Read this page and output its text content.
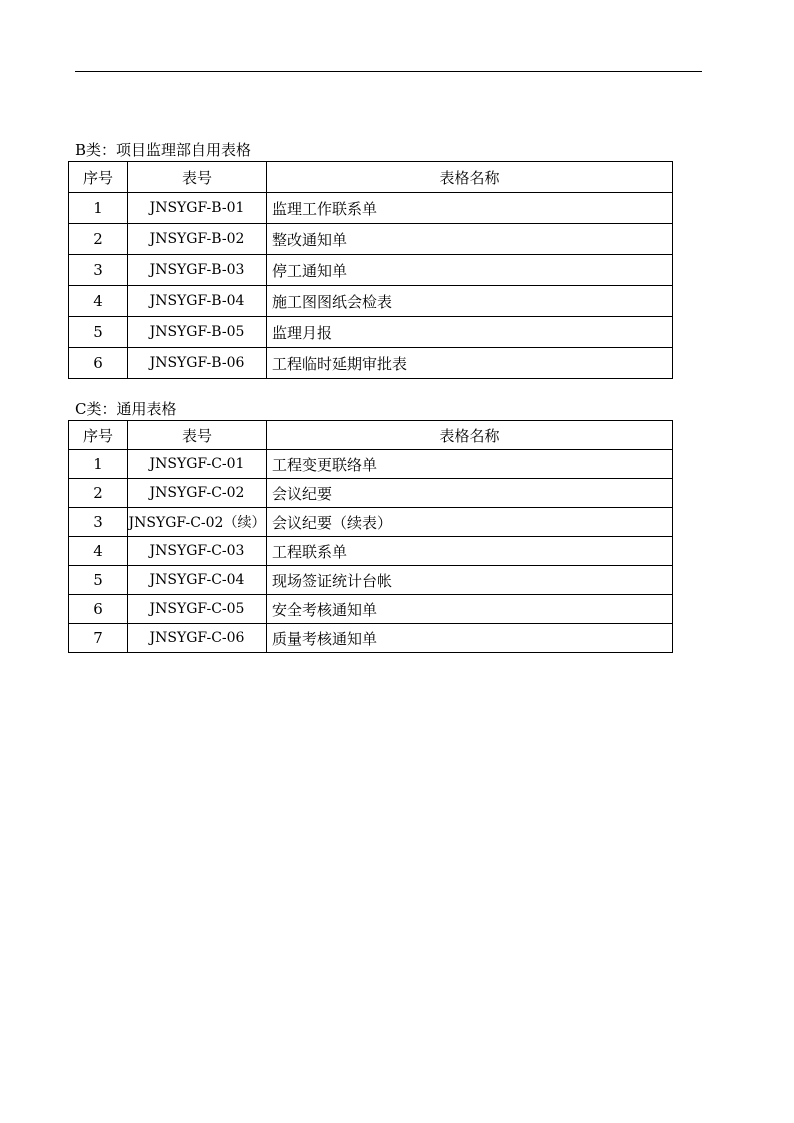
B类：项目监理部自用表格
序号	表号	表格名称
1	JNSYGF-B-01	监理工作联系单
2	JNSYGF-B-02	整改通知单
3	JNSYGF-B-03	停工通知单
4	JNSYGF-B-04	施工图图纸会检表
5	JNSYGF-B-05	监理月报
6	JNSYGF-B-06	工程临时延期审批表
C类：通用表格
序号	表号	表格名称
1	JNSYGF-C-01	工程变更联络单
2	JNSYGF-C-02	会议纪要
3	JNSYGF-C-02（续）	会议纪要（续表）
4	JNSYGF-C-03	工程联系单
5	JNSYGF-C-04	现场签证统计台帐
6	JNSYGF-C-05	安全考核通知单
7	JNSYGF-C-06	质量考核通知单
